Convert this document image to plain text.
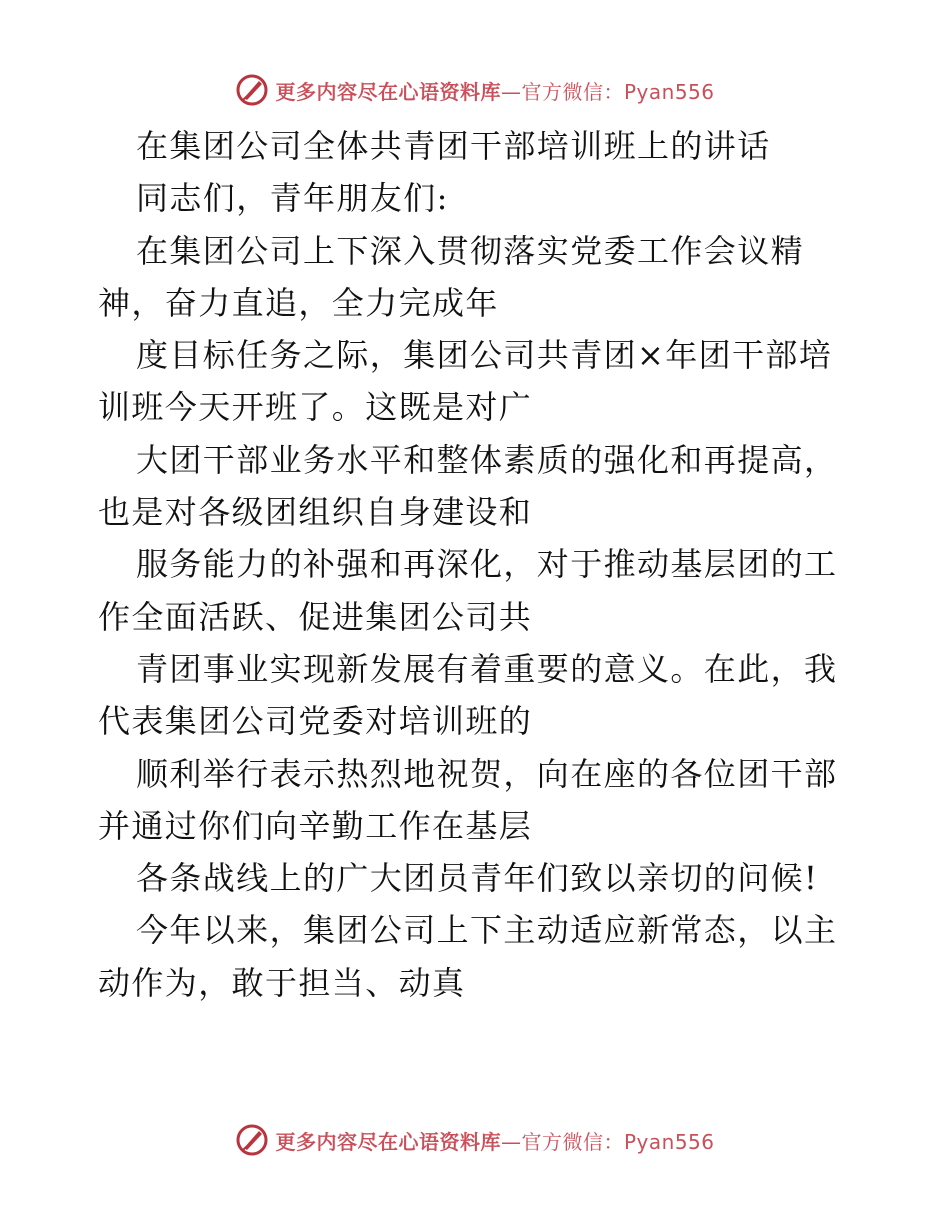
更多内容尽在心语资料库—官方微信：Pyan556
在集团公司全体共青团干部培训班上的讲话
同志们，青年朋友们:
在集团公司上下深入贯彻落实党委工作会议精
神，奋力直追，全力完成年
度目标任务之际，集团公司共青团×年团干部培
训班今天开班了。这既是对广
大团干部业务水平和整体素质的强化和再提高，
也是对各级团组织自身建设和
服务能力的补强和再深化，对于推动基层团的工
作全面活跃、促进集团公司共
青团事业实现新发展有着重要的意义。在此，我
代表集团公司党委对培训班的
顺利举行表示热烈地祝贺，向在座的各位团干部
并通过你们向辛勤工作在基层
各条战线上的广大团员青年们致以亲切的问候!
今年以来，集团公司上下主动适应新常态，以主
动作为，敢于担当、动真
更多内容尽在心语资料库—官方微信：Pyan556
